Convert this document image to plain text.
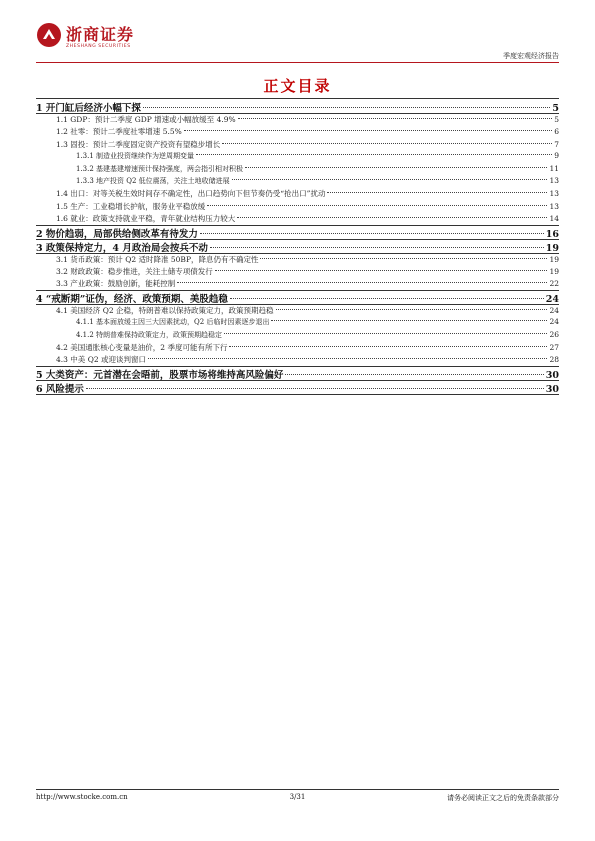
浙商证券
ZHESHANG SECURITIES
季度宏观经济报告
正文目录
1 开门缸后经济小幅下探	5
1.1 GDP：预计二季度 GDP 增速或小幅放缓至 4.9%	5
1.2 社零：预计二季度社零增速 5.5%	6
1.3 固投：预计二季度固定资产投资有望稳步增长	7
1.3.1 制造业投资继续作为逆周期变量	9
1.3.2 基建基建增速预计保持强度，两会指引相对积极	11
1.3.3 地产投资 Q2 低位震荡，关注土地收储进展	13
1.4 出口：对等关税生效时间存不确定性，出口趋势向下但节奏仍受“抢出口”扰动	13
1.5 生产：工业稳增长护航，服务业平稳放缓	13
1.6 就业：政策支持就业平稳，青年就业结构压力较大	14
2 物价趋弱，局部供给侧改革有待发力	16
3 政策保持定力，4 月政治局会按兵不动	19
3.1 货币政策：预计 Q2 适时降准 50BP，降息仍有不确定性	19
3.2 财政政策：稳步推进，关注土储专项债发行	19
3.3 产业政策：鼓励创新，能耗控制	22
4 “戒断期”证伪，经济、政策预期、美股趋稳	24
4.1 美国经济 Q2 企稳，特朗普难以保持政策定力，政策预期趋稳	24
4.1.1 基本面放缓主因三大因素扰动，Q2 后临时因素逐步退出	24
4.1.2 特朗普难保持政策定力，政策预期趋稳定	26
4.2 美国通胀核心变量是油价，2 季度可能有所下行	27
4.3 中美 Q2 或迎谈判窗口	28
5 大类资产：元首潜在会晤前，股票市场将维持高风险偏好	30
6 风险提示	30
http://www.stocke.com.cn	3/31	请务必阅读正文之后的免责条款部分
